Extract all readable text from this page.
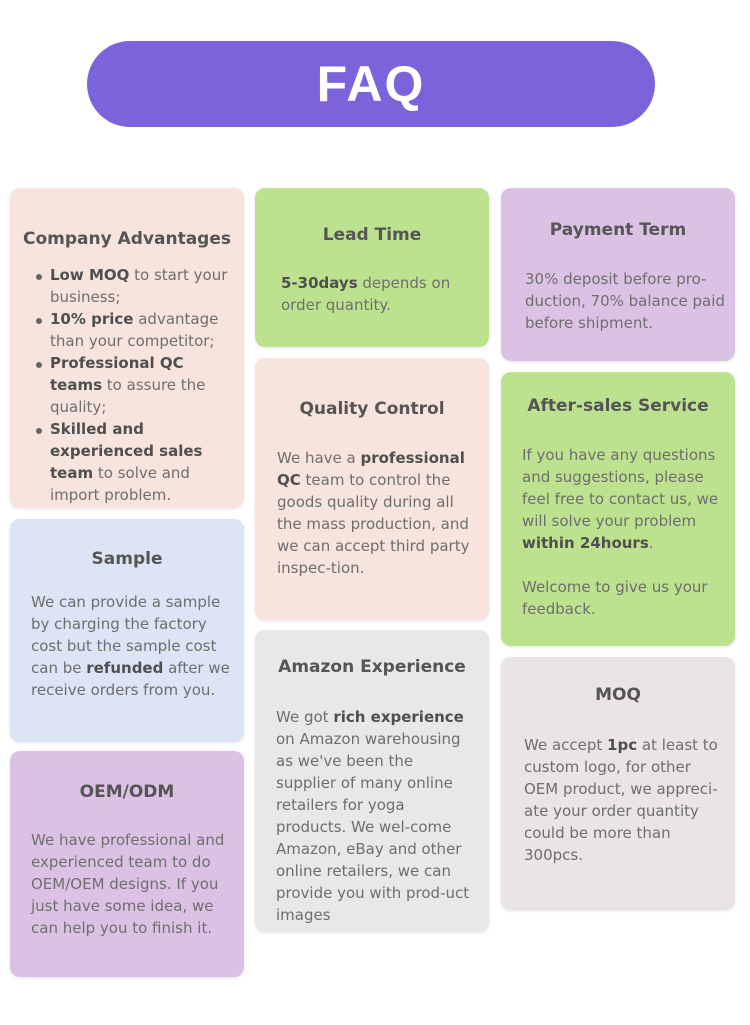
FAQ
Company Advantages
Low MOQ to start your business;
10% price advantage than your competitor;
Professional QC teams to assure the quality;
Skilled and experienced sales team to solve and import problem.
Sample
We can provide a sample by charging the factory cost but the sample cost can be refunded after we receive orders from you.
OEM/ODM
We have professional and experienced team to do OEM/OEM designs. If you just have some idea, we can help you to finish it.
Lead Time
5-30days depends on order quantity.
Quality Control
We have a professional QC team to control the goods quality during all the mass production, and we can accept third party inspec-tion.
Amazon Experience
We got rich experience on Amazon warehousing as we've been the supplier of many online retailers for yoga products. We wel-come Amazon, eBay and other online retailers, we can provide you with prod-uct images
Payment Term
30% deposit before pro-duction, 70% balance paid before shipment.
After-sales Service
If you have any questions and suggestions, please feel free to contact us, we will solve your problem within 24hours.
Welcome to give us your feedback.
MOQ
We accept 1pc at least to custom logo, for other OEM product, we appreci-ate your order quantity could be more than 300pcs.
